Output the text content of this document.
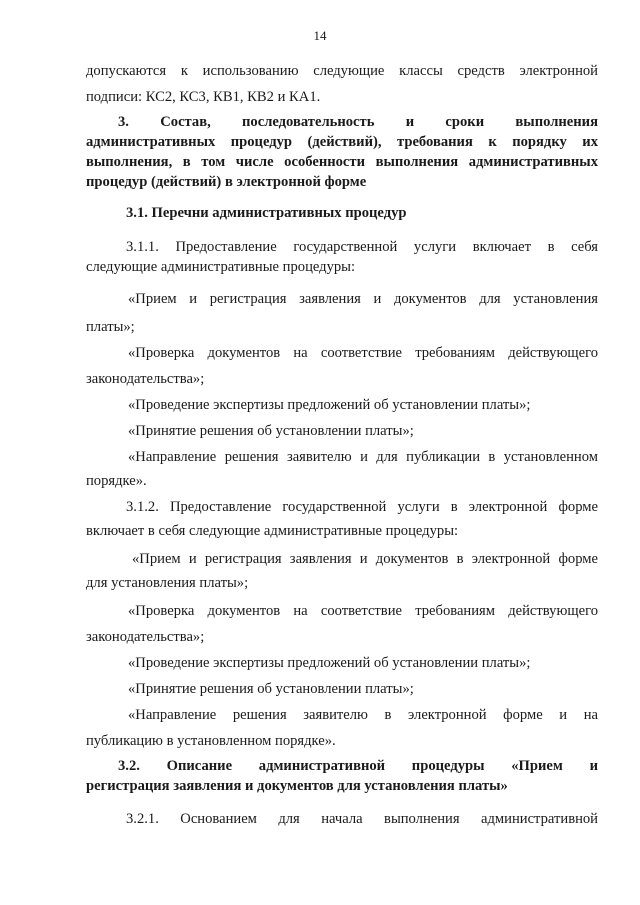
14

допускаются к использованию следующие классы средств электронной

подписи: КС2, КС3, КВ1, КВ2 и КА1.

3. Состав, последовательность и сроки выполнения

административных процедур (действий), требования к порядку их

выполнения, в том числе особенности выполнения административных

процедур (действий) в электронной форме

3.1. Перечни административных процедур

3.1.1. Предоставление государственной услуги включает в себя

следующие административные процедуры:

«Прием и регистрация заявления и документов для установления

платы»;

«Проверка документов на соответствие требованиям действующего

законодательства»;

«Проведение экспертизы предложений об установлении платы»;

«Принятие решения об установлении платы»;

«Направление решения заявителю и для публикации в установленном

порядке».

3.1.2. Предоставление государственной услуги в электронной форме

включает в себя следующие административные процедуры:

«Прием и регистрация заявления и документов в электронной форме

для установления платы»;

«Проверка документов на соответствие требованиям действующего

законодательства»;

«Проведение экспертизы предложений об установлении платы»;

«Принятие решения об установлении платы»;

«Направление решения заявителю в электронной форме и на

публикацию в установленном порядке».

3.2. Описание административной процедуры «Прием и

регистрация заявления и документов для установления платы»

3.2.1. Основанием для начала выполнения административной
